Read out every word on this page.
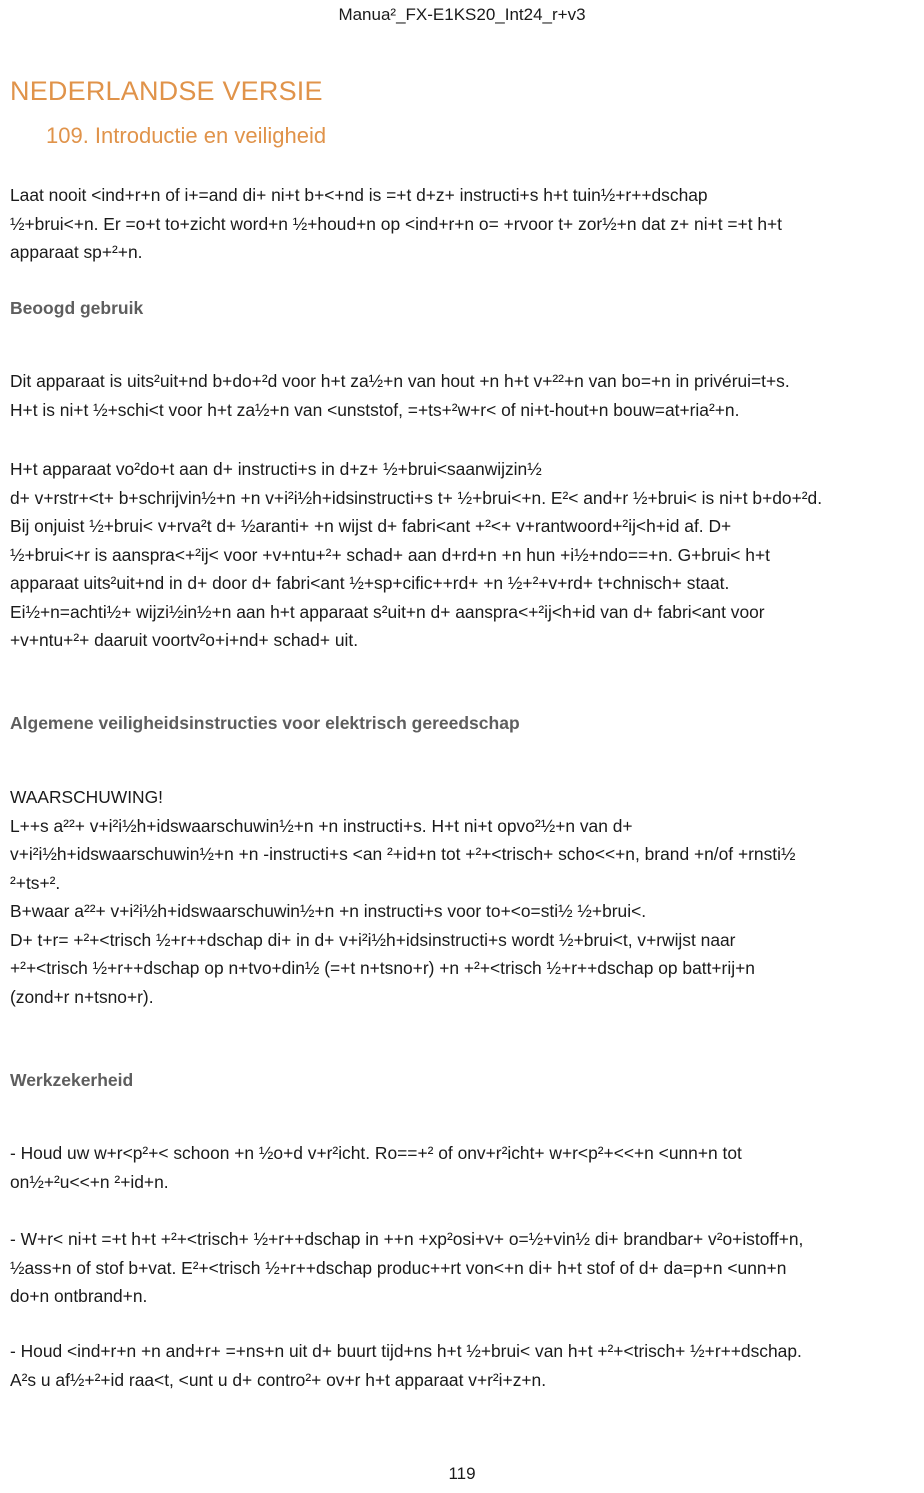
Manua²_FX-E1KS20_Int24_r+v3
NEDERLANDSE VERSIE
109. Introductie en veiligheid
Laat nooit <ind+r+n of i+=and di+ ni+t b+<+nd is =+t d+z+ instructi+s h+t tuin½+r++dschap
½+brui<+n. Er =o+t to+zicht word+n ½+houd+n op <ind+r+n o= +rvoor t+ zor½+n dat z+ ni+t =+t h+t
apparaat sp+²+n.
Beoogd gebruik
Dit apparaat is uits²uit+nd b+do+²d voor h+t za½+n van hout +n h+t v+²²+n van bo=+n in privérui=t+s.
H+t is ni+t ½+schi<t voor h+t za½+n van <unststof, =+ts+²w+r< of ni+t-hout+n bouw=at+ria²+n.
H+t apparaat vo²do+t aan d+ instructi+s in d+z+ ½+brui<saanwijzin½
d+ v+rstr+<t+ b+schrijvin½+n +n v+i²i½h+idsinstructi+s t+ ½+brui<+n. E²< and+r ½+brui< is ni+t b+do+²d.
Bij onjuist ½+brui< v+rva²t d+ ½aranti+ +n wijst d+ fabri<ant +²<+ v+rantwoord+²ij<h+id af. D+
½+brui<+r is aanspra<+²ij< voor +v+ntu+²+ schad+ aan d+rd+n +n hun +i½+ndo==+n. G+brui< h+t
apparaat uits²uit+nd in d+ door d+ fabri<ant ½+sp+cific++rd+ +n ½+²+v+rd+ t+chnisch+ staat.
Ei½+n=achti½+ wijzi½in½+n aan h+t apparaat s²uit+n d+ aanspra<+²ij<h+id van d+ fabri<ant voor
+v+ntu+²+ daaruit voortv²o+i+nd+ schad+ uit.
Algemene veiligheidsinstructies voor elektrisch gereedschap
WAARSCHUWING!
L++s a²²+ v+i²i½h+idswaarschuwin½+n +n instructi+s. H+t ni+t opvo²½+n van d+
v+i²i½h+idswaarschuwin½+n +n -instructi+s <an ²+id+n tot +²+<trisch+ scho<<+n, brand +n/of +rnsti½
²+ts+².
B+waar a²²+ v+i²i½h+idswaarschuwin½+n +n instructi+s voor to+<o=sti½ ½+brui<.
D+ t+r= +²+<trisch ½+r++dschap di+ in d+ v+i²i½h+idsinstructi+s wordt ½+brui<t, v+rwijst naar
+²+<trisch ½+r++dschap op n+tvo+din½ (=+t n+tsno+r) +n +²+<trisch ½+r++dschap op batt+rij+n
(zond+r n+tsno+r).
Werkzekerheid
- Houd uw w+r<p²+< schoon +n ½o+d v+r²icht. Ro==+² of onv+r²icht+ w+r<p²+<<+n <unn+n tot
on½+²u<<+n ²+id+n.
- W+r< ni+t =+t h+t +²+<trisch+ ½+r++dschap in ++n +xp²osi+v+ o=½+vin½ di+ brandbar+ v²o+istoff+n,
½ass+n of stof b+vat. E²+<trisch ½+r++dschap produc++rt von<+n di+ h+t stof of d+ da=p+n <unn+n
do+n ontbrand+n.
- Houd <ind+r+n +n and+r+ =+ns+n uit d+ buurt tijd+ns h+t ½+brui< van h+t +²+<trisch+ ½+r++dschap.
A²s u af½+²+id raa<t, <unt u d+ contro²+ ov+r h+t apparaat v+r²i+z+n.
119
